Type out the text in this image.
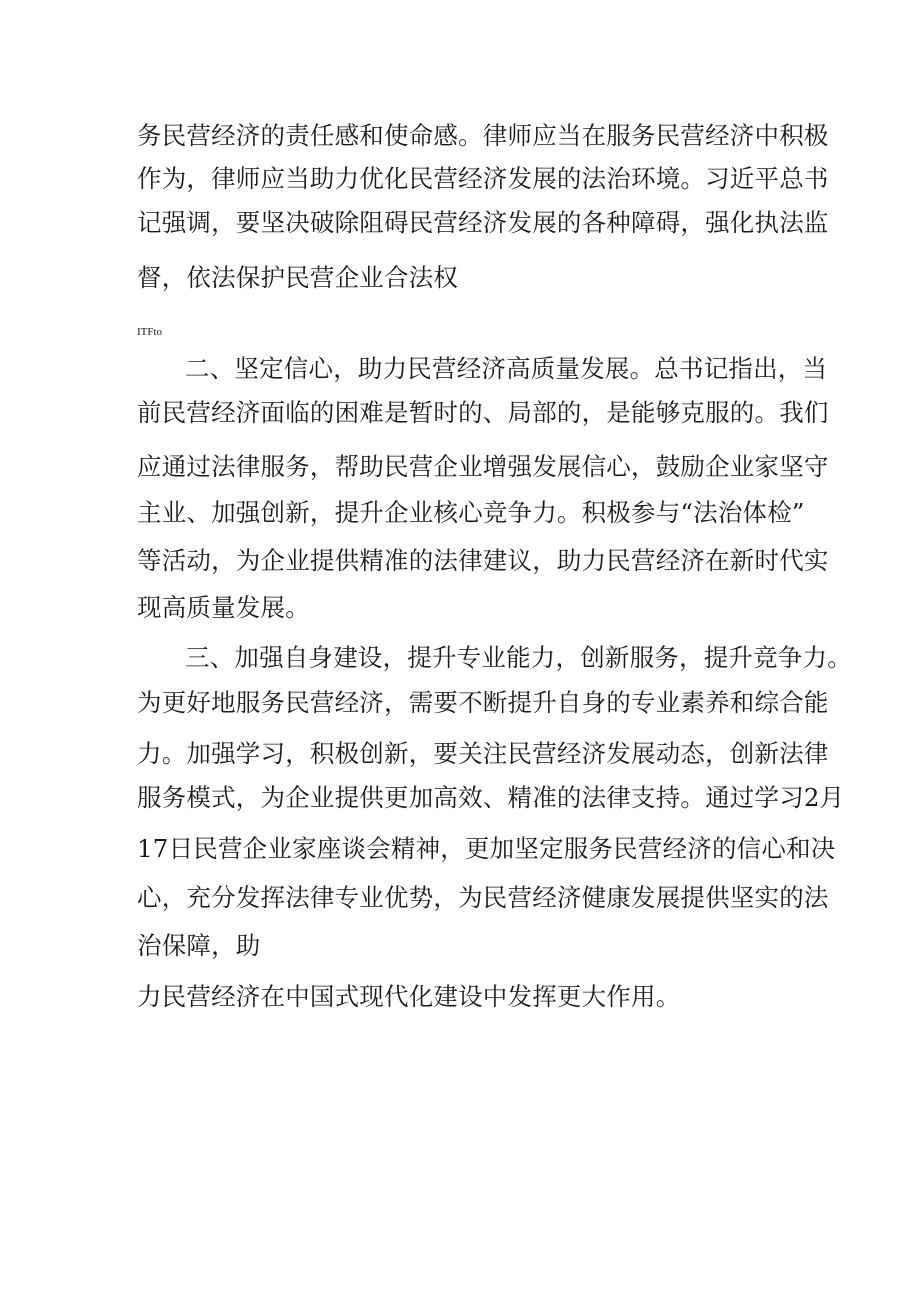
务民营经济的责任感和使命感。律师应当在服务民营经济中积极
作为，律师应当助力优化民营经济发展的法治环境。习近平总书
记强调，要坚决破除阻碍民营经济发展的各种障碍，强化执法监
督，依法保护民营企业合法权
ITFto
二、坚定信心，助力民营经济高质量发展。总书记指出，当
前民营经济面临的困难是暂时的、局部的，是能够克服的。我们
应通过法律服务，帮助民营企业增强发展信心，鼓励企业家坚守
主业、加强创新，提升企业核心竞争力。积极参与“法治体检”
等活动，为企业提供精准的法律建议，助力民营经济在新时代实
现高质量发展。
三、加强自身建设，提升专业能力，创新服务，提升竞争力。
为更好地服务民营经济，需要不断提升自身的专业素养和综合能
力。加强学习，积极创新，要关注民营经济发展动态，创新法律
服务模式，为企业提供更加高效、精准的法律支持。通过学习2月
17日民营企业家座谈会精神，更加坚定服务民营经济的信心和决
心，充分发挥法律专业优势，为民营经济健康发展提供坚实的法
治保障，助
力民营经济在中国式现代化建设中发挥更大作用。
